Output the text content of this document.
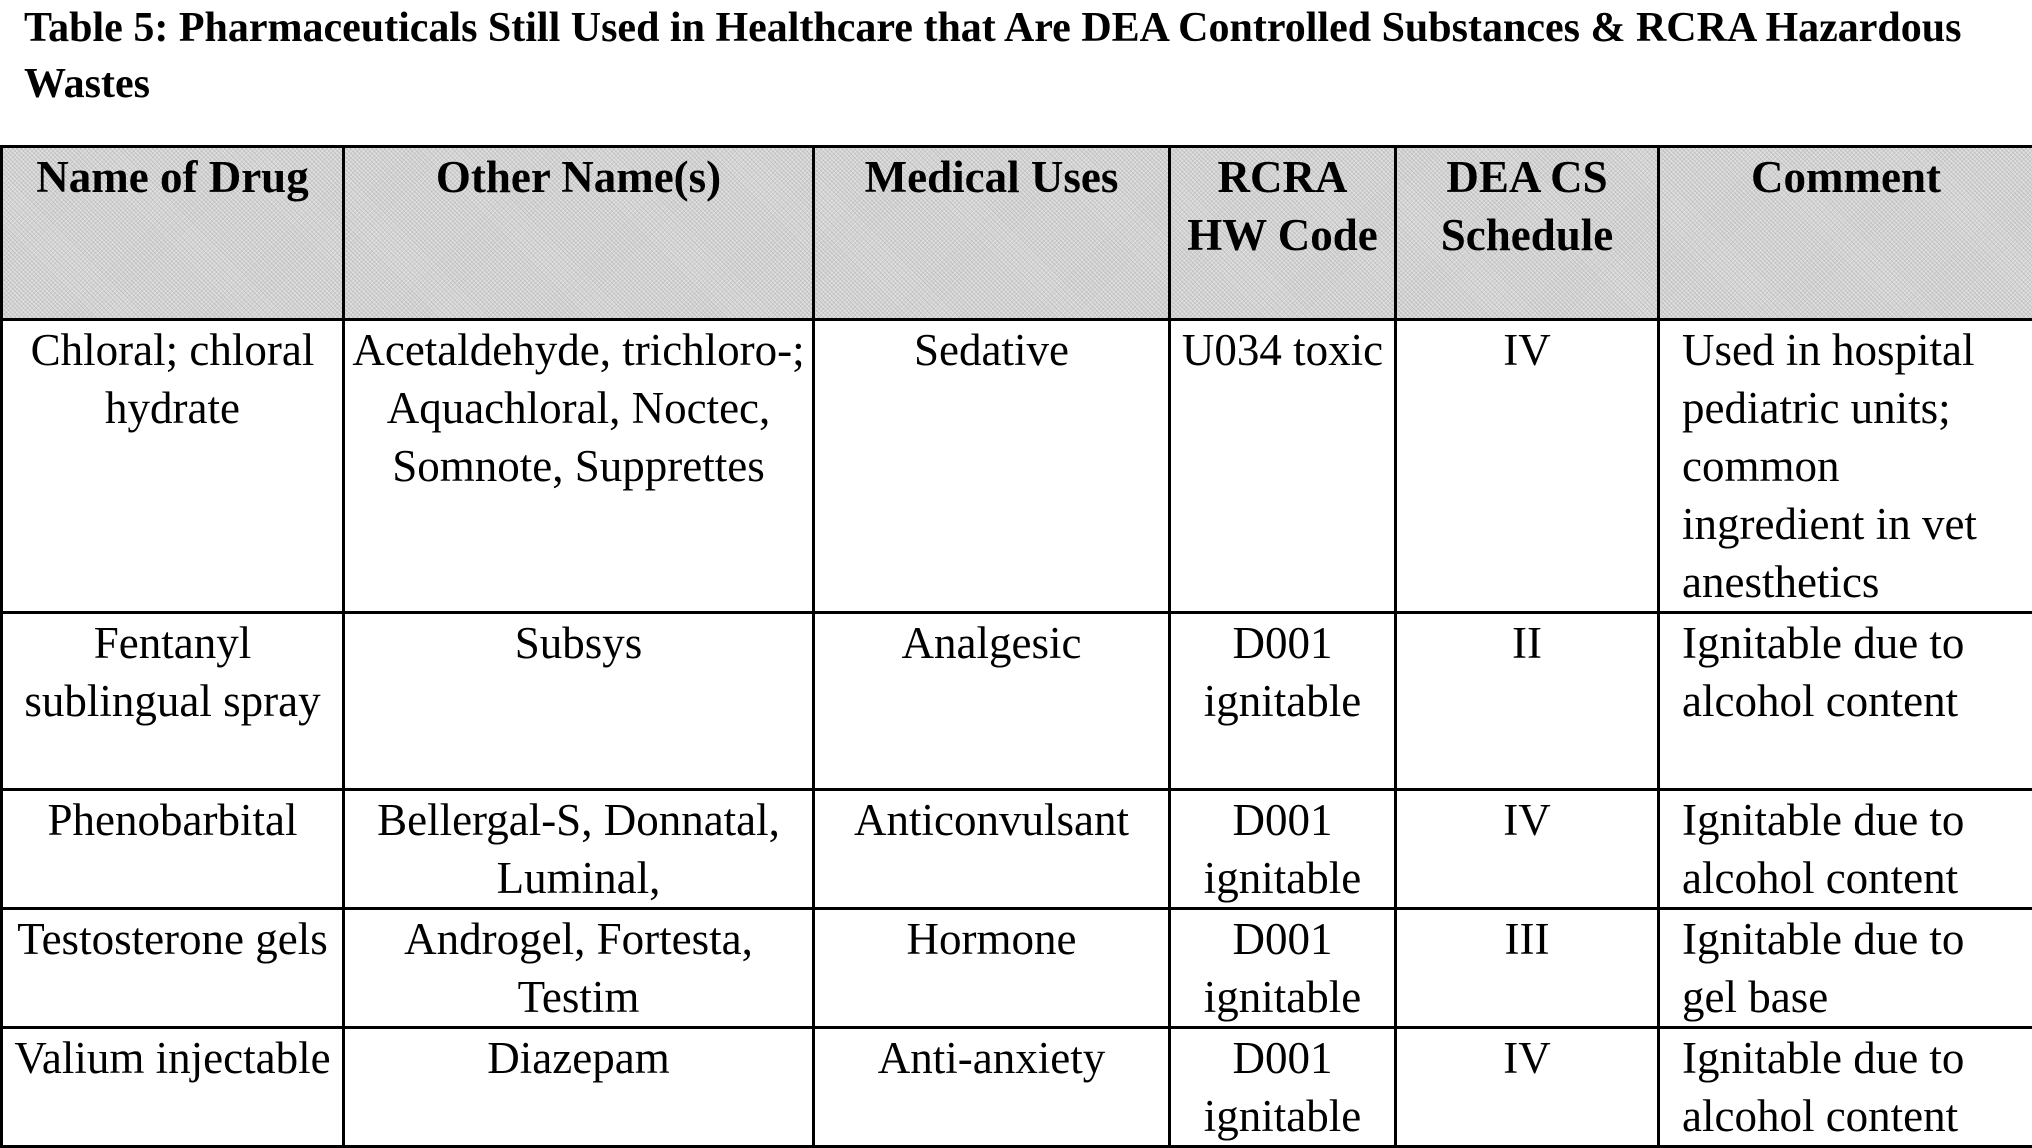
Table 5: Pharmaceuticals Still Used in Healthcare that Are DEA Controlled Substances & RCRA Hazardous Wastes
Name of Drug	Other Name(s)	Medical Uses	RCRA HW Code	DEA CS Schedule	Comment
Chloral; chloral hydrate	Acetaldehyde, trichloro-; Aquachloral, Noctec, Somnote, Supprettes	Sedative	U034 toxic	IV	Used in hospital pediatric units; common ingredient in vet anesthetics
Fentanyl sublingual spray	Subsys	Analgesic	D001 ignitable	II	Ignitable due to alcohol content
Phenobarbital	Bellergal-S, Donnatal, Luminal,	Anticonvulsant	D001 ignitable	IV	Ignitable due to alcohol content
Testosterone gels	Androgel, Fortesta, Testim	Hormone	D001 ignitable	III	Ignitable due to gel base
Valium injectable	Diazepam	Anti-anxiety	D001 ignitable	IV	Ignitable due to alcohol content
